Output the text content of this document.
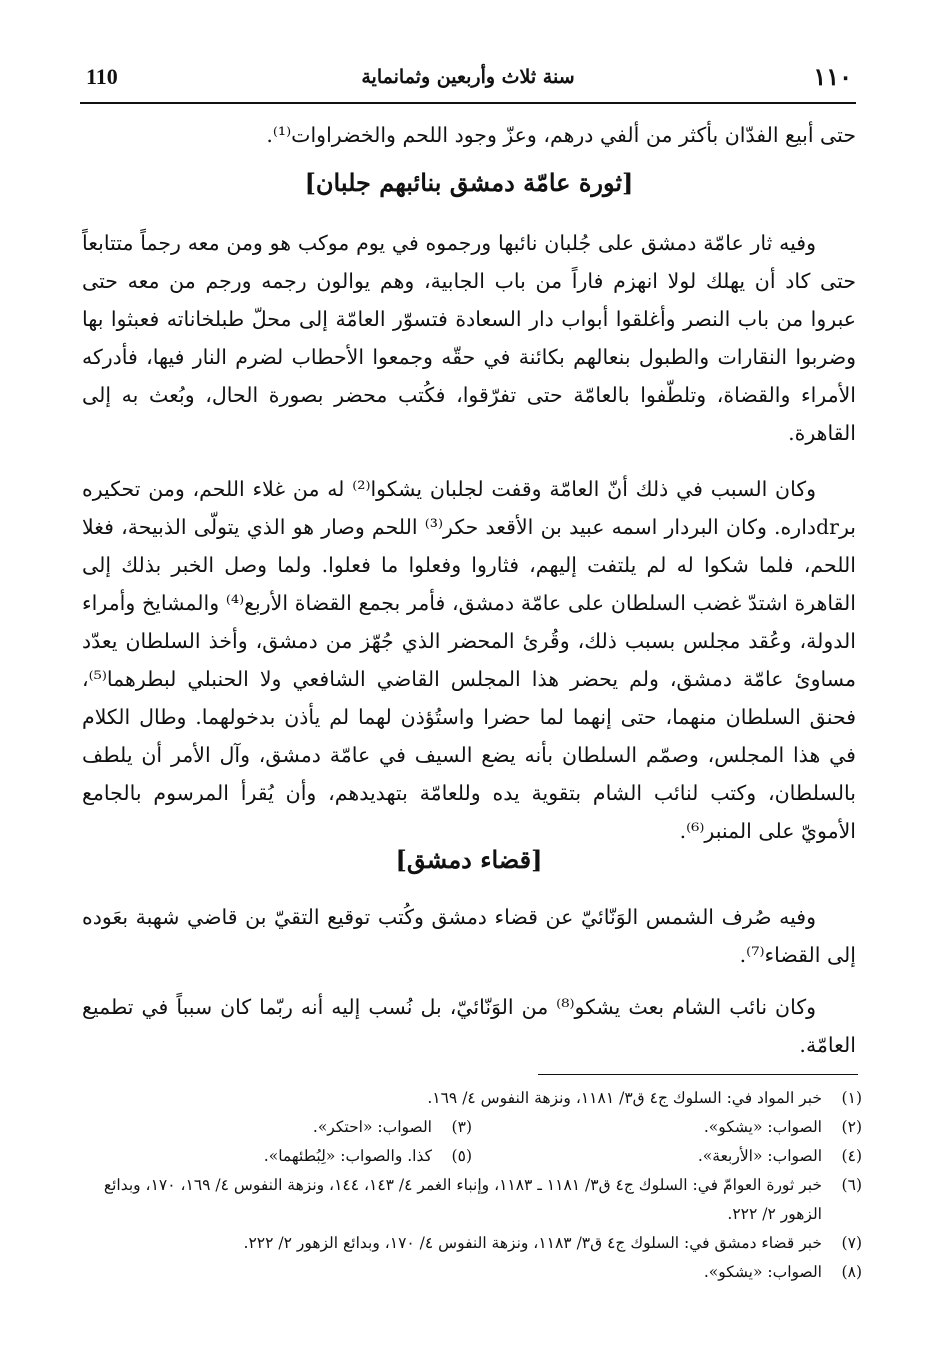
110	سنة ثلاث وأربعين وثمانماية	١١٠

حتى أبيع الفدّان بأكثر من ألفي درهم، وعزّ وجود اللحم والخضراوات⁽¹⁾.

[ثورة عامّة دمشق بنائبهم جلبان]

وفيه ثار عامّة دمشق على جُلبان نائبها ورجموه في يوم موكب هو ومن معه رجماً متتابعاً حتى كاد أن يهلك لولا انهزم فاراً من باب الجابية، وهم يوالون رجمه ورجم من معه حتى عبروا من باب النصر وأغلقوا أبواب دار السعادة فتسوّر العامّة إلى محلّ طبلخاناته فعبثوا بها وضربوا النقارات والطبول بنعالهم بكائنة في حقّه وجمعوا الأحطاب لضرم النار فيها، فأدركه الأمراء والقضاة، وتلطّفوا بالعامّة حتى تفرّقوا، فكُتب محضر بصورة الحال، وبُعث به إلى القاهرة.

وكان السبب في ذلك أنّ العامّة وقفت لجلبان يشكوا⁽²⁾ له من غلاء اللحم، ومن تحكيره برdrداره. وكان البردار اسمه عبيد بن الأقعد حكر⁽³⁾ اللحم وصار هو الذي يتولّى الذبيحة، فغلا اللحم، فلما شكوا له لم يلتفت إليهم، فثاروا وفعلوا ما فعلوا. ولما وصل الخبر بذلك إلى القاهرة اشتدّ غضب السلطان على عامّة دمشق، فأمر بجمع القضاة الأربع⁽⁴⁾ والمشايخ وأمراء الدولة، وعُقد مجلس بسبب ذلك، وقُرئ المحضر الذي جُهّز من دمشق، وأخذ السلطان يعدّد مساوئ عامّة دمشق، ولم يحضر هذا المجلس القاضي الشافعي ولا الحنبلي لبطرهما⁽⁵⁾، فحنق السلطان منهما، حتى إنهما لما حضرا واستُؤذن لهما لم يأذن بدخولهما. وطال الكلام في هذا المجلس، وصمّم السلطان بأنه يضع السيف في عامّة دمشق، وآل الأمر أن يلطف بالسلطان، وكتب لنائب الشام بتقوية يده وللعامّة بتهديدهم، وأن يُقرأ المرسوم بالجامع الأمويّ على المنبر⁽⁶⁾.

[قضاء دمشق]

وفيه صُرف الشمس الوَنّائيّ عن قضاء دمشق وكُتب توقيع التقيّ بن قاضي شهبة بعَوده إلى القضاء⁽⁷⁾.

وكان نائب الشام بعث يشكو⁽⁸⁾ من الوَنّائيّ، بل نُسب إليه أنه ربّما كان سبباً في تطميع العامّة.

(١)
خبر المواد في: السلوك ج٤ ق٣/ ١١٨١، ونزهة النفوس ٤/ ١٦٩.
(٢)
الصواب: «يشكو».
(٣)
الصواب: «احتكر».
(٤)
الصواب: «الأربعة».
(٥)
كذا. والصواب: «لِبُطئهما».
(٦)
خبر ثورة العوامّ في: السلوك ج٤ ق٣/ ١١٨١ ـ ١١٨٣، وإنباء الغمر ٤/ ١٤٣، ١٤٤، ونزهة النفوس ٤/ ١٦٩، ١٧٠، وبدائع الزهور ٢/ ٢٢٢.
(٧)
خبر قضاء دمشق في: السلوك ج٤ ق٣/ ١١٨٣، ونزهة النفوس ٤/ ١٧٠، وبدائع الزهور ٢/ ٢٢٢.
(٨)
الصواب: «يشكو».
